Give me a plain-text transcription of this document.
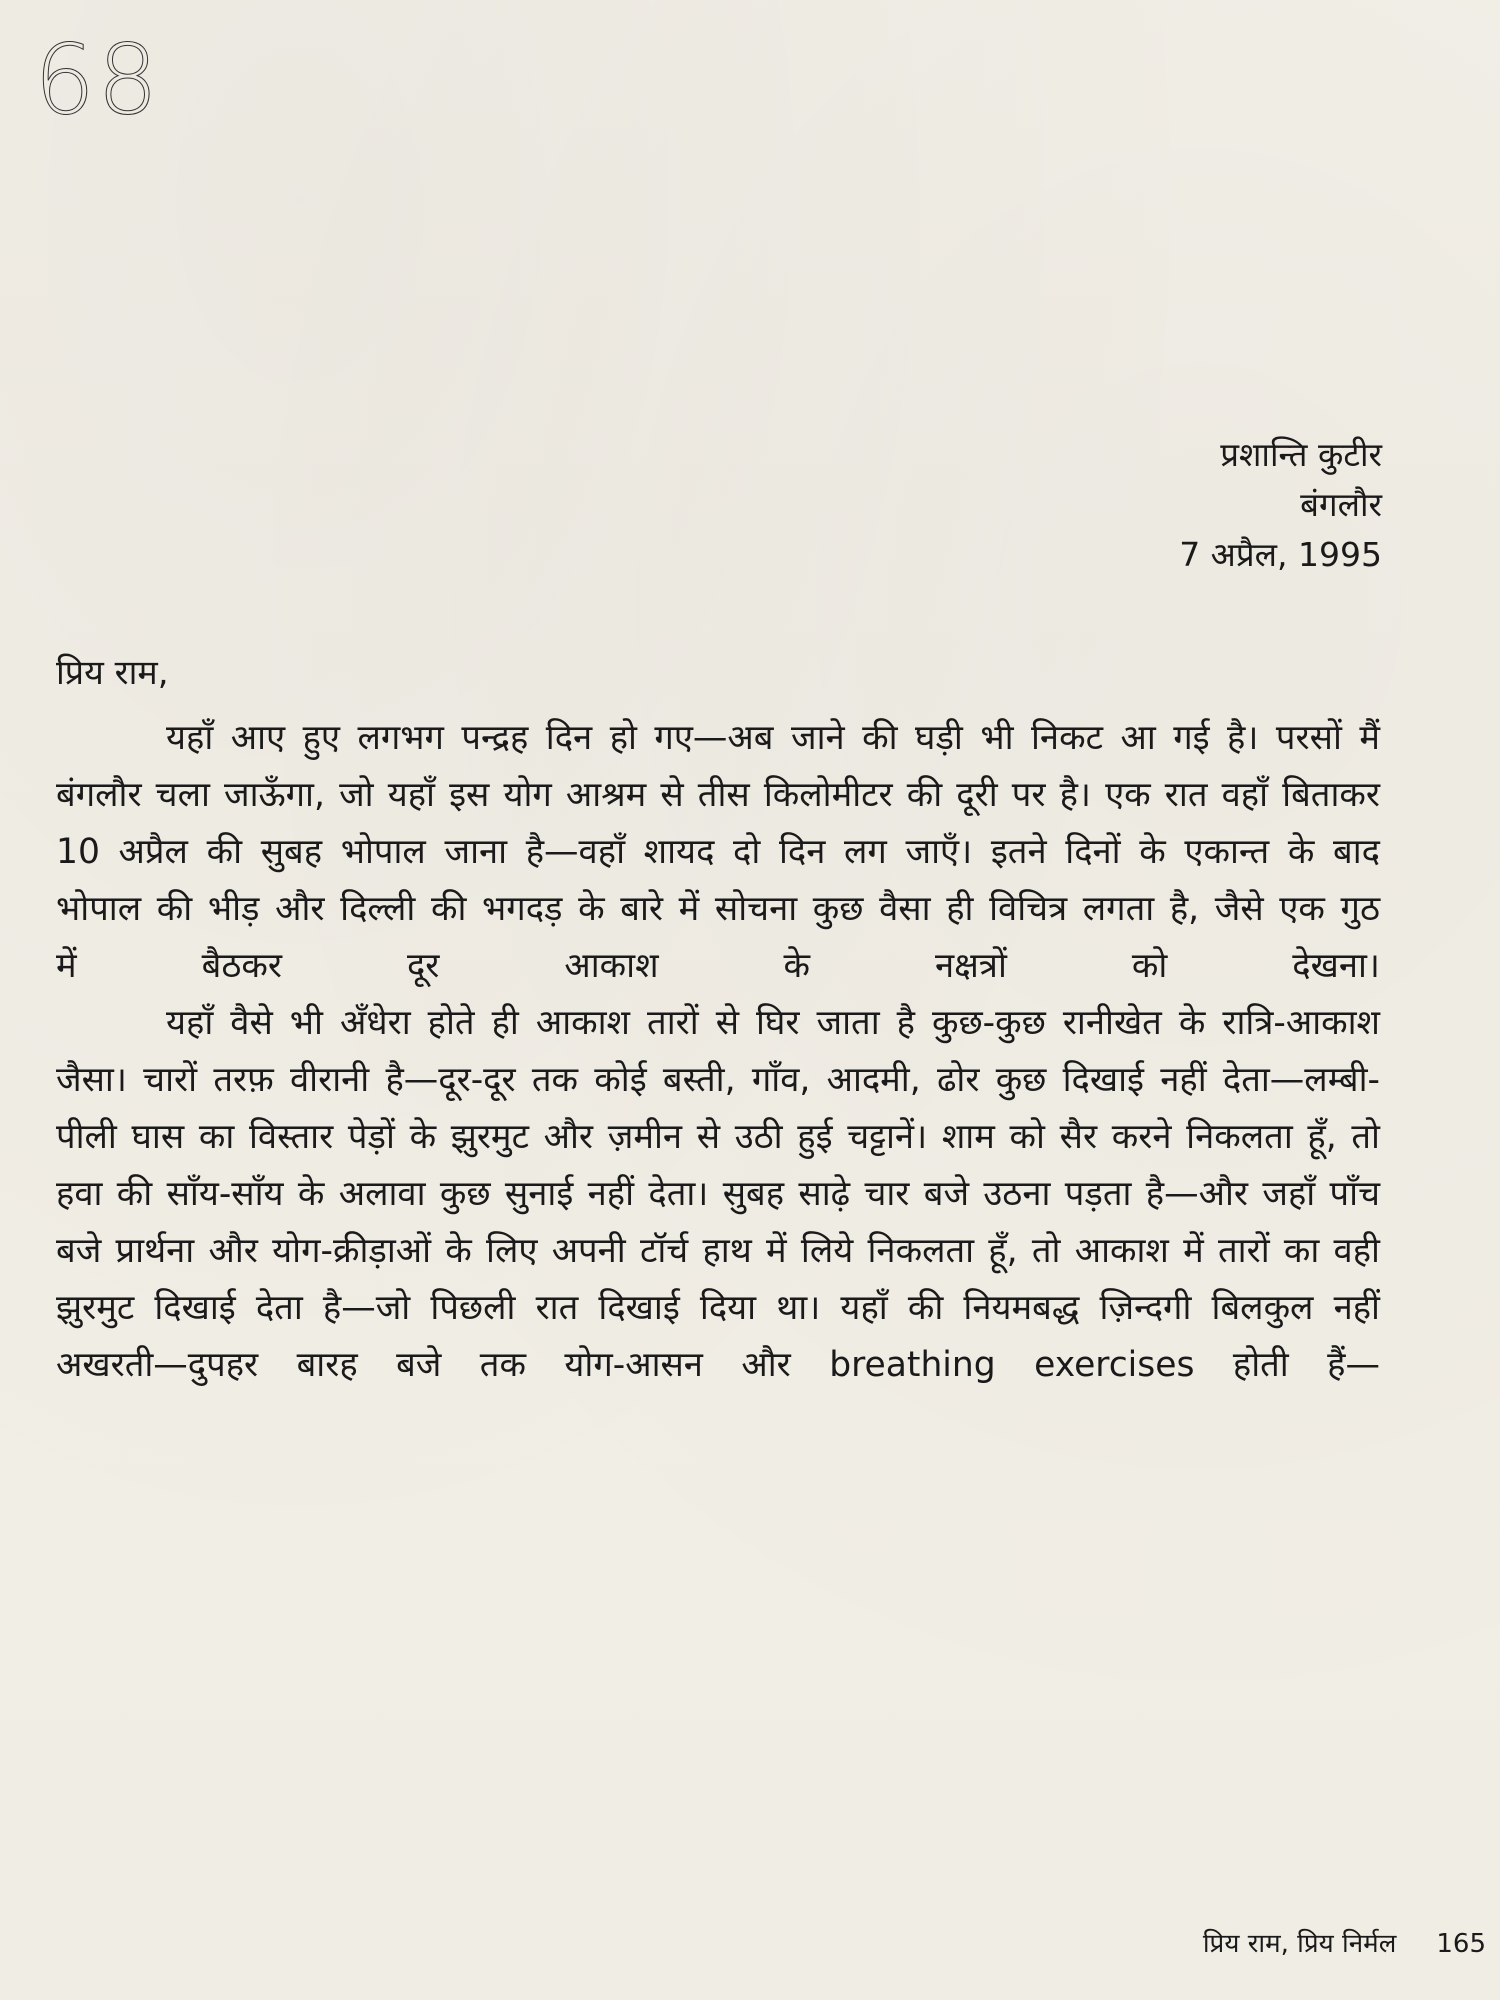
68
प्रशान्ति कुटीर
बंगलौर
7 अप्रैल, 1995
प्रिय राम,

यहाँ आए हुए लगभग पन्द्रह दिन हो गए—अब जाने की घड़ी भी निकट आ गई है। परसों मैं बंगलौर चला जाऊँगा, जो यहाँ इस योग आश्रम से तीस किलोमीटर की दूरी पर है। एक रात वहाँ बिताकर 10 अप्रैल की सुबह भोपाल जाना है—वहाँ शायद दो दिन लग जाएँ। इतने दिनों के एकान्त के बाद भोपाल की भीड़ और दिल्ली की भगदड़ के बारे में सोचना कुछ वैसा ही विचित्र लगता है, जैसे एक गुठ में बैठकर दूर आकाश के नक्षत्रों को देखना।

यहाँ वैसे भी अँधेरा होते ही आकाश तारों से घिर जाता है कुछ-कुछ रानीखेत के रात्रि-आकाश जैसा। चारों तरफ़ वीरानी है—दूर-दूर तक कोई बस्ती, गाँव, आदमी, ढोर कुछ दिखाई नहीं देता—लम्बी-पीली घास का विस्तार पेड़ों के झुरमुट और ज़मीन से उठी हुई चट्टानें। शाम को सैर करने निकलता हूँ, तो हवा की साँय-साँय के अलावा कुछ सुनाई नहीं देता। सुबह साढ़े चार बजे उठना पड़ता है—और जहाँ पाँच बजे प्रार्थना और योग-क्रीड़ाओं के लिए अपनी टॉर्च हाथ में लिये निकलता हूँ, तो आकाश में तारों का वही झुरमुट दिखाई देता है—जो पिछली रात दिखाई दिया था। यहाँ की नियमबद्ध ज़िन्दगी बिलकुल नहीं अखरती—दुपहर बारह बजे तक योग-आसन और breathing exercises होती हैं—

प्रिय राम, प्रिय निर्मल 165
